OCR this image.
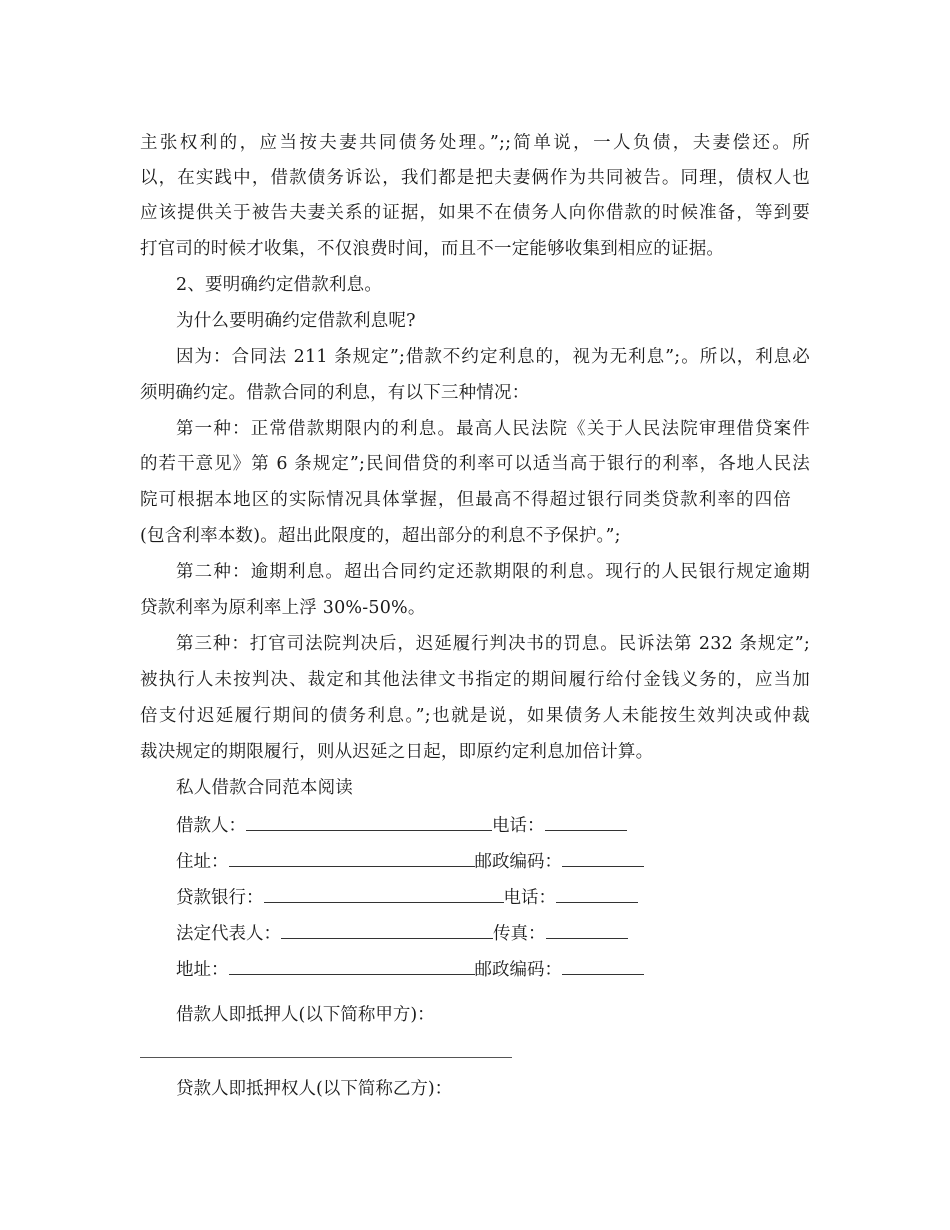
主张权利的，应当按夫妻共同债务处理。”;;简单说，一人负债，夫妻偿还。所
以，在实践中，借款债务诉讼，我们都是把夫妻俩作为共同被告。同理，债权人也
应该提供关于被告夫妻关系的证据，如果不在债务人向你借款的时候准备，等到要
打官司的时候才收集，不仅浪费时间，而且不一定能够收集到相应的证据。
2、要明确约定借款利息。
为什么要明确约定借款利息呢?
因为：合同法 211 条规定”;借款不约定利息的，视为无利息”;。所以，利息必
须明确约定。借款合同的利息，有以下三种情况：
第一种：正常借款期限内的利息。最高人民法院《关于人民法院审理借贷案件
的若干意见》第 6 条规定”;民间借贷的利率可以适当高于银行的利率，各地人民法
院可根据本地区的实际情况具体掌握，但最高不得超过银行同类贷款利率的四倍
(包含利率本数)。超出此限度的，超出部分的利息不予保护。”;
第二种：逾期利息。超出合同约定还款期限的利息。现行的人民银行规定逾期
贷款利率为原利率上浮 30%-50%。
第三种：打官司法院判决后，迟延履行判决书的罚息。民诉法第 232 条规定”;
被执行人未按判决、裁定和其他法律文书指定的期间履行给付金钱义务的，应当加
倍支付迟延履行期间的债务利息。”;也就是说，如果债务人未能按生效判决或仲裁
裁决规定的期限履行，则从迟延之日起，即原约定利息加倍计算。
私人借款合同范本阅读
借款人：	电话：
住址：	邮政编码：
贷款银行：	电话：
法定代表人：	传真：
地址：	邮政编码：
借款人即抵押人(以下简称甲方)：
贷款人即抵押权人(以下简称乙方)：
